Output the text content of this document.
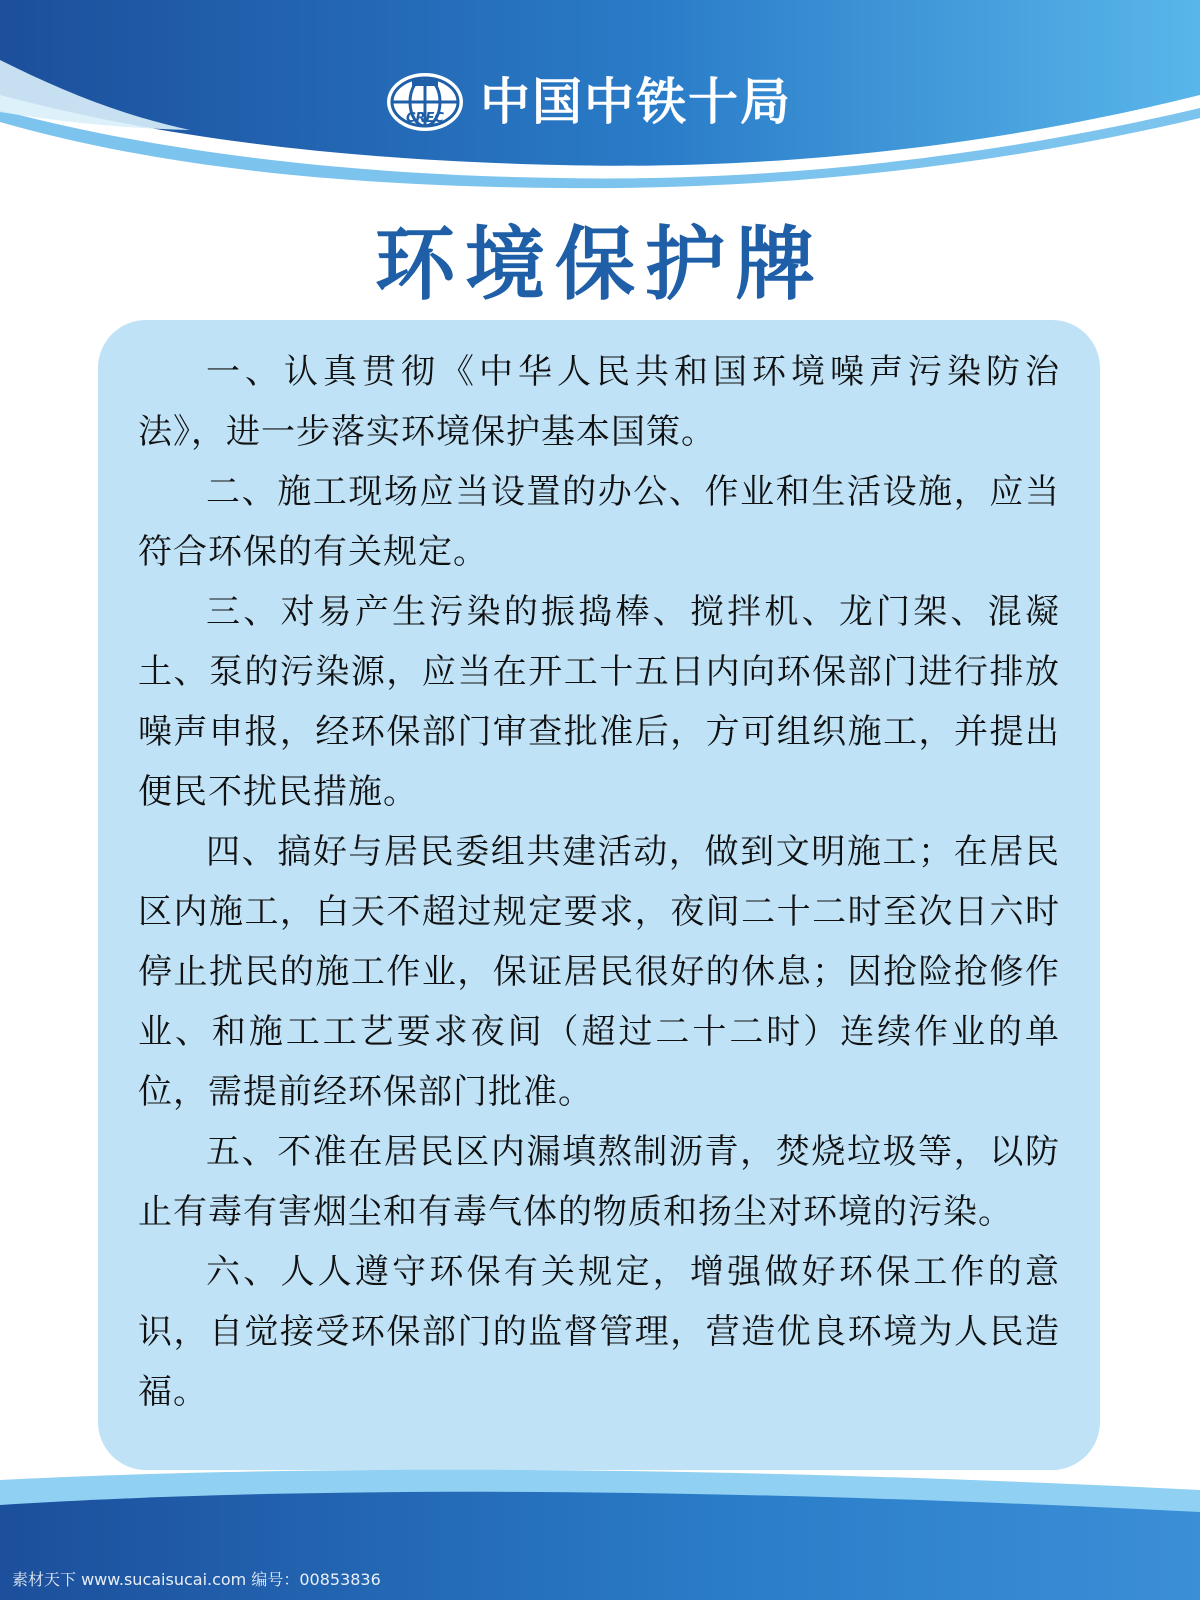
CREC 中国中铁十局
环境保护牌

一、认真贯彻《中华人民共和国环境噪声污染防治法》，进一步落实环境保护基本国策。

二、施工现场应当设置的办公、作业和生活设施，应当符合环保的有关规定。

三、对易产生污染的振捣棒、搅拌机、龙门架、混凝土、泵的污染源，应当在开工十五日内向环保部门进行排放噪声申报，经环保部门审查批准后，方可组织施工，并提出便民不扰民措施。

四、搞好与居民委组共建活动，做到文明施工；在居民区内施工，白天不超过规定要求，夜间二十二时至次日六时停止扰民的施工作业，保证居民很好的休息；因抢险抢修作业、和施工工艺要求夜间（超过二十二时）连续作业的单位，需提前经环保部门批准。

五、不准在居民区内漏填熬制沥青，焚烧垃圾等，以防止有毒有害烟尘和有毒气体的物质和扬尘对环境的污染。

六、人人遵守环保有关规定，增强做好环保工作的意识，自觉接受环保部门的监督管理，营造优良环境为人民造福。

素材天下 www.sucaisucai.com 编号：00853836
